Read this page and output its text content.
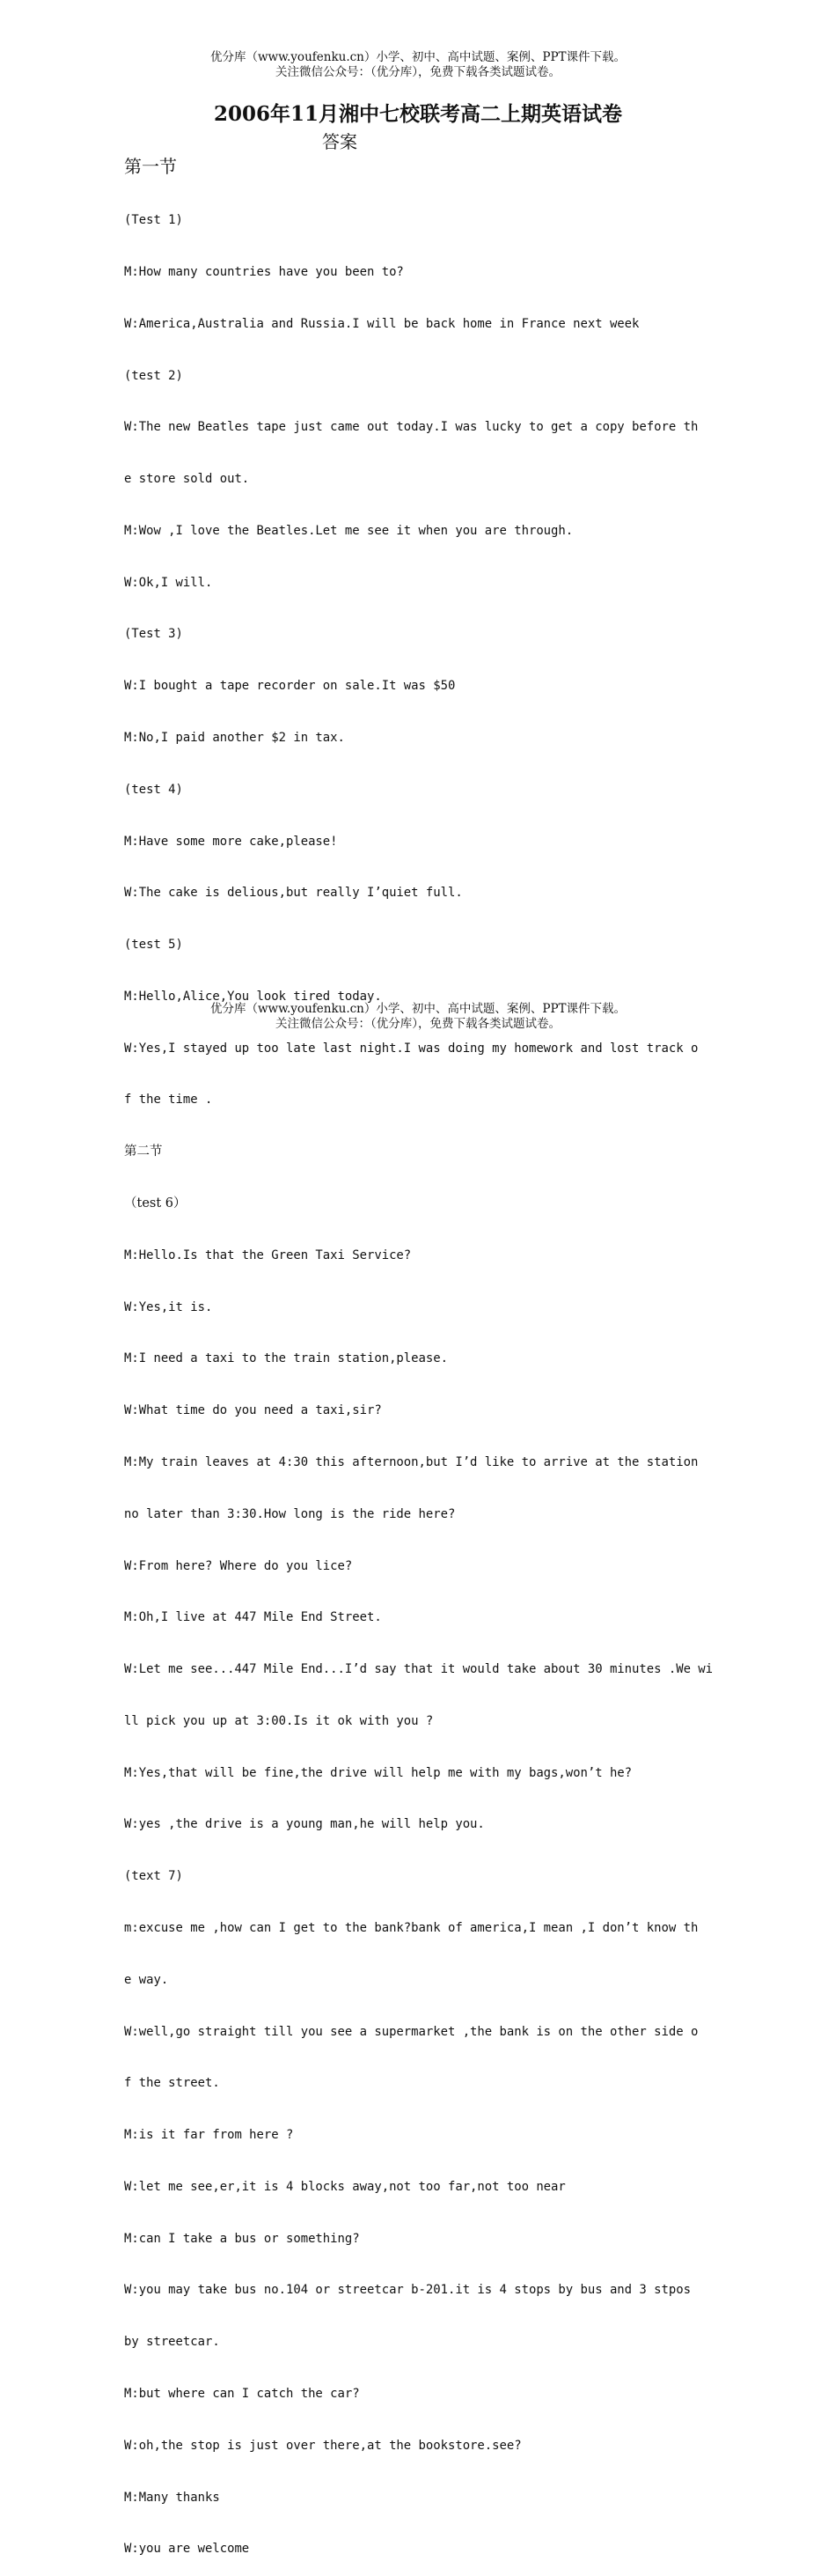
优分库（www.youfenku.cn）小学、初中、高中试题、案例、PPT课件下载。
关注微信公众号：（优分库），免费下载各类试题试卷。
2006年11月湘中七校联考高二上期英语试卷
答案
第一节

(Test 1)

M:How many countries have you been to?

W:America,Australia and Russia.I will be back home in France next week

(test 2)

W:The new Beatles tape just came out today.I was lucky to get a copy before th

e store sold out.

M:Wow ,I love the Beatles.Let me see it when you are through.

W:Ok,I will.

(Test 3)

W:I bought a tape recorder on sale.It was $50

M:No,I paid another $2 in tax.

(test 4)

M:Have some more cake,please!

W:The cake is delious,but really I’quiet full.

(test 5)

M:Hello,Alice,You look tired today.

W:Yes,I stayed up too late last night.I was doing my homework and lost track o

f the time .

第二节

（test 6）

M:Hello.Is that the Green Taxi Service?

W:Yes,it is.

M:I need a taxi to the train station,please.

W:What time do you need a taxi,sir?

M:My train leaves at 4:30 this afternoon,but I’d like to arrive at the station

no later than 3:30.How long is the ride here?

W:From here? Where do you lice?

M:Oh,I live at 447 Mile End Street.

W:Let me see...447 Mile End...I’d say that it would take about 30 minutes .We wi

ll pick you up at 3:00.Is it ok with you ?

M:Yes,that will be fine,the drive will help me with my bags,won’t he?

W:yes ,the drive is a young man,he will help you.

(text 7)

m:excuse me ,how can I get to the bank?bank of america,I mean ,I don’t know th

e way.

W:well,go straight till you see a supermarket ,the bank is on the other side o

f the street.

M:is it far from here ?

W:let me see,er,it is 4 blocks away,not too far,not too near

M:can I take a bus or something?

W:you may take bus no.104 or streetcar b-201.it is 4 stops by bus and 3 stpos

by streetcar.

M:but where can I catch the car?

W:oh,the stop is just over there,at the bookstore.see?

M:Many thanks

W:you are welcome

优分库（www.youfenku.cn）小学、初中、高中试题、案例、PPT课件下载。
关注微信公众号：（优分库），免费下载各类试题试卷。
